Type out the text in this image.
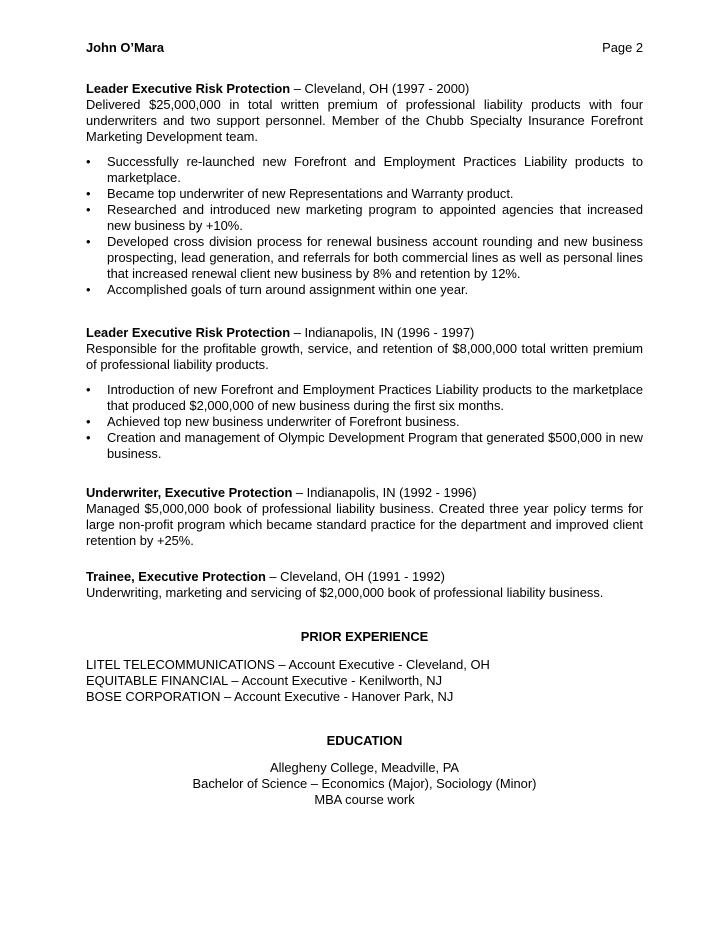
John O’Mara	Page 2
Leader Executive Risk Protection – Cleveland, OH (1997 - 2000)

Delivered $25,000,000 in total written premium of professional liability products with four underwriters and two support personnel. Member of the Chubb Specialty Insurance Forefront Marketing Development team.

• Successfully re-launched new Forefront and Employment Practices Liability products to marketplace.
• Became top underwriter of new Representations and Warranty product.
• Researched and introduced new marketing program to appointed agencies that increased new business by +10%.
• Developed cross division process for renewal business account rounding and new business prospecting, lead generation, and referrals for both commercial lines as well as personal lines that increased renewal client new business by 8% and retention by 12%.
• Accomplished goals of turn around assignment within one year.
Leader Executive Risk Protection – Indianapolis, IN (1996 - 1997)

Responsible for the profitable growth, service, and retention of $8,000,000 total written premium of professional liability products.

• Introduction of new Forefront and Employment Practices Liability products to the marketplace that produced $2,000,000 of new business during the first six months.
• Achieved top new business underwriter of Forefront business.
• Creation and management of Olympic Development Program that generated $500,000 in new business.
Underwriter, Executive Protection – Indianapolis, IN (1992 - 1996)

Managed $5,000,000 book of professional liability business. Created three year policy terms for large non-profit program which became standard practice for the department and improved client retention by +25%.

Trainee, Executive Protection – Cleveland, OH (1991 - 1992)

Underwriting, marketing and servicing of $2,000,000 book of professional liability business.

PRIOR EXPERIENCE
LITEL TELECOMMUNICATIONS – Account Executive - Cleveland, OH
EQUITABLE FINANCIAL – Account Executive - Kenilworth, NJ
BOSE CORPORATION – Account Executive - Hanover Park, NJ
EDUCATION
Allegheny College, Meadville, PA
Bachelor of Science – Economics (Major), Sociology (Minor)
MBA course work
